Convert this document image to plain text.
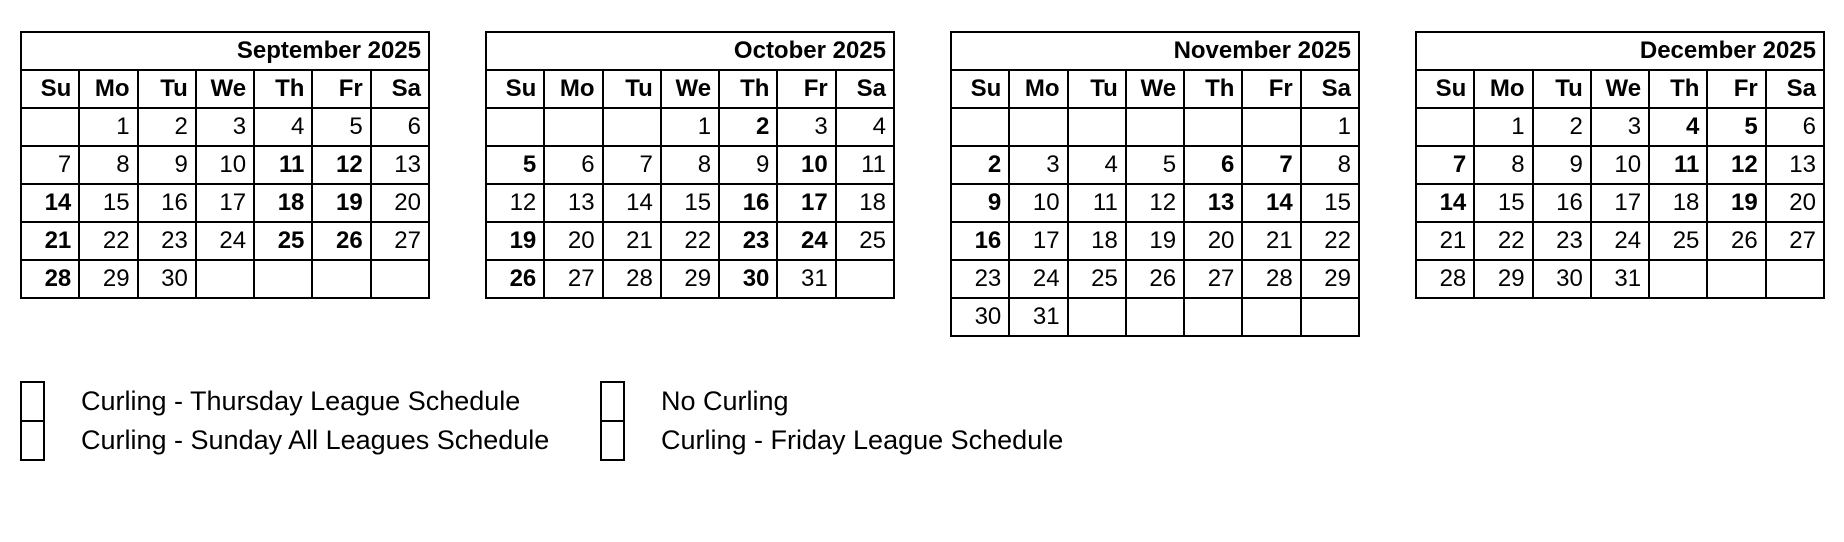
September 2025						
Su	Mo	Tu	We	Th	Fr	Sa
	1	2	3	4	5	6
7	8	9	10	11	12	13
14	15	16	17	18	19	20
21	22	23	24	25	26	27
28	29	30				
October 2025						
Su	Mo	Tu	We	Th	Fr	Sa
			1	2	3	4
5	6	7	8	9	10	11
12	13	14	15	16	17	18
19	20	21	22	23	24	25
26	27	28	29	30	31	
November 2025						
Su	Mo	Tu	We	Th	Fr	Sa
						1
2	3	4	5	6	7	8
9	10	11	12	13	14	15
16	17	18	19	20	21	22
23	24	25	26	27	28	29
30	31					
December 2025						
Su	Mo	Tu	We	Th	Fr	Sa
	1	2	3	4	5	6
7	8	9	10	11	12	13
14	15	16	17	18	19	20
21	22	23	24	25	26	27
28	29	30	31			
Curling - Thursday League Schedule
Curling - Sunday All Leagues Schedule
No Curling
Curling - Friday League Schedule
